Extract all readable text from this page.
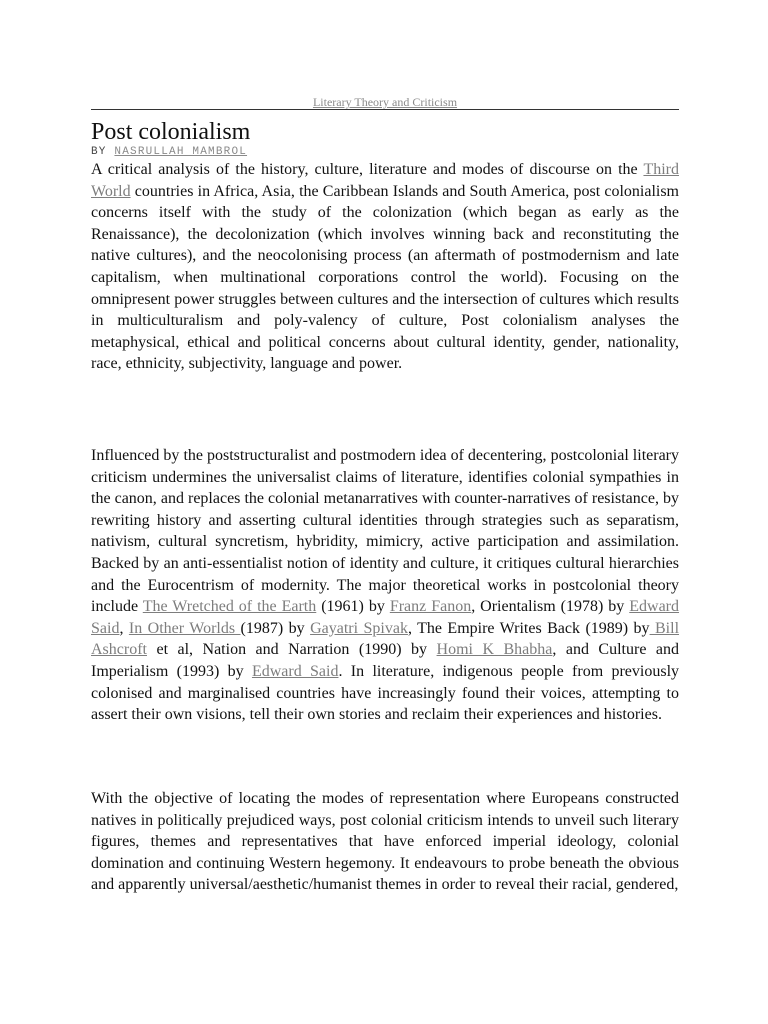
Literary Theory and Criticism
Post colonialism
BY NASRULLAH MAMBROL

A critical analysis of the history, culture, literature and modes of discourse on the Third World countries in Africa, Asia, the Caribbean Islands and South America, post colonialism concerns itself with the study of the colonization (which began as early as the Renaissance), the decolonization (which involves winning back and reconstituting the native cultures), and the neocolonising process (an aftermath of postmodernism and late capitalism, when multinational corporations control the world). Focusing on the omnipresent power struggles between cultures and the intersection of cultures which results in multiculturalism and poly-valency of culture, Post colonialism analyses the metaphysical, ethical and political concerns about cultural identity, gender, nationality, race, ethnicity, subjectivity, language and power.

Influenced by the poststructuralist and postmodern idea of decentering, postcolonial literary criticism undermines the universalist claims of literature, identifies colonial sympathies in the canon, and replaces the colonial metanarratives with counter-narratives of resistance, by rewriting history and asserting cultural identities through strategies such as separatism, nativism, cultural syncretism, hybridity, mimicry, active participation and assimilation. Backed by an anti-essentialist notion of identity and culture, it critiques cultural hierarchies and the Eurocentrism of modernity. The major theoretical works in postcolonial theory include The Wretched of the Earth (1961) by Franz Fanon, Orientalism (1978) by Edward Said, In Other Worlds (1987) by Gayatri Spivak, The Empire Writes Back (1989) by Bill Ashcroft et al, Nation and Narration (1990) by Homi K Bhabha, and Culture and Imperialism (1993) by Edward Said. In literature, indigenous people from previously colonised and marginalised countries have increasingly found their voices, attempting to assert their own visions, tell their own stories and reclaim their experiences and histories.

With the objective of locating the modes of representation where Europeans constructed natives in politically prejudiced ways, post colonial criticism intends to unveil such literary figures, themes and representatives that have enforced imperial ideology, colonial domination and continuing Western hegemony. It endeavours to probe beneath the obvious and apparently universal/aesthetic/humanist themes in order to reveal their racial, gendered,
